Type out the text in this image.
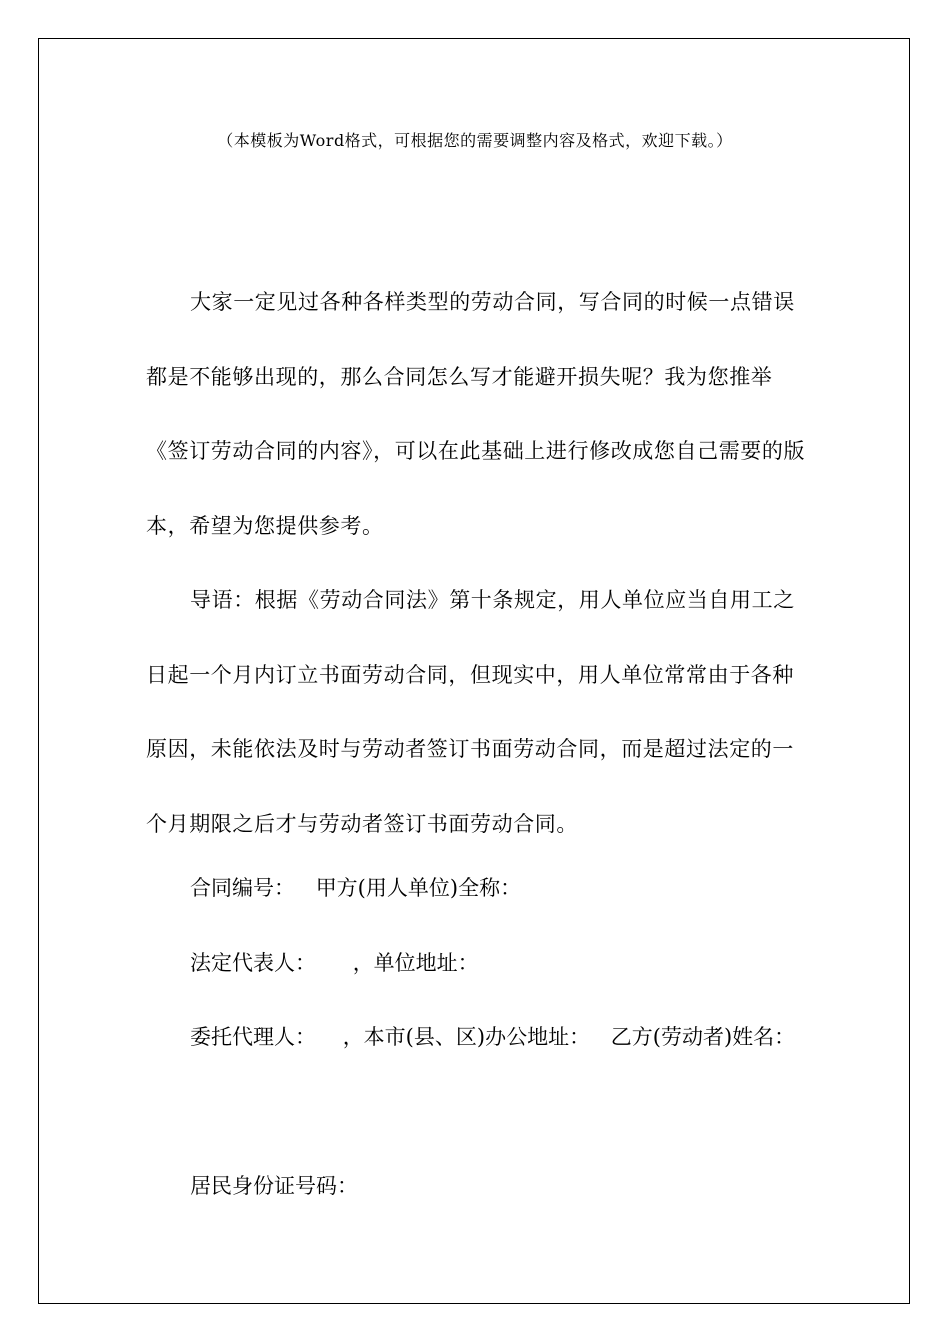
（本模板为Word格式，可根据您的需要调整内容及格式，欢迎下载。）

大家一定见过各种各样类型的劳动合同，写合同的时候一点错误都是不能够出现的，那么合同怎么写才能避开损失呢？我为您推举《签订劳动合同的内容》，可以在此基础上进行修改成您自己需要的版本，希望为您提供参考。

导语：根据《劳动合同法》第十条规定，用人单位应当自用工之日起一个月内订立书面劳动合同，但现实中，用人单位常常由于各种原因，未能依法及时与劳动者签订书面劳动合同，而是超过法定的一个月期限之后才与劳动者签订书面劳动合同。

合同编号： 甲方(用人单位)全称：
法定代表人： ，单位地址：
委托代理人： ，本市(县、区)办公地址： 乙方(劳动者)姓名：
居民身份证号码：
